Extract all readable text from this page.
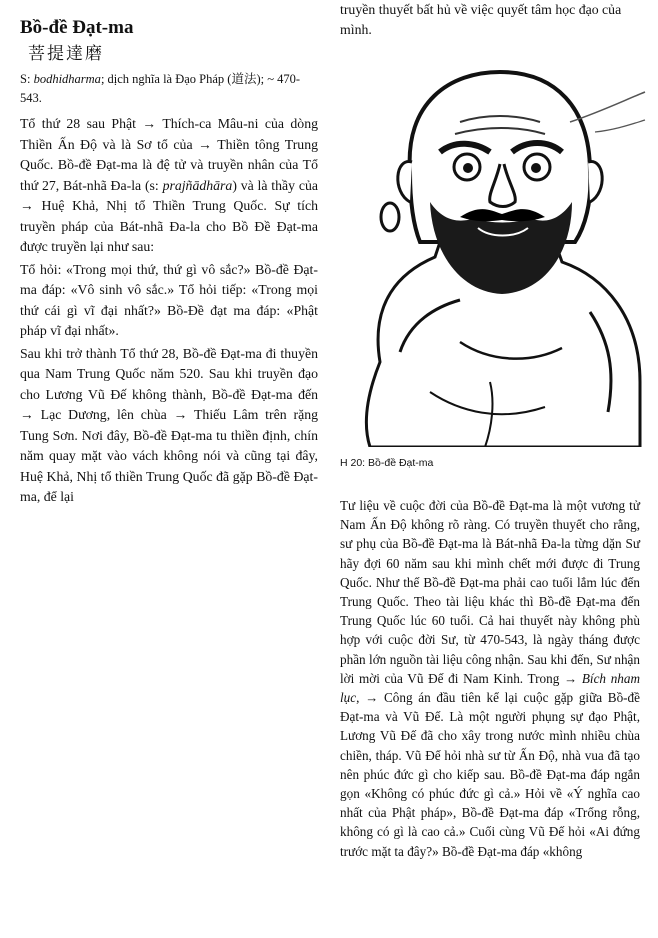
Bồ-đề Đạt-ma
菩提達磨
S: bodhidharma; dịch nghĩa là Đạo Pháp (道法); ~ 470-543.

Tổ thứ 28 sau Phật → Thích-ca Mâu-ni của dòng Thiền Ấn Độ và là Sơ tổ của → Thiền tông Trung Quốc. Bồ-đề Đạt-ma là đệ tử và truyền nhân của Tổ thứ 27, Bát-nhã Đa-la (s: prajñādhāra) và là thầy của → Huệ Khả, Nhị tổ Thiền Trung Quốc. Sự tích truyền pháp của Bát-nhã Đa-la cho Bồ Đề Đạt-ma được truyền lại như sau:

Tổ hỏi: «Trong mọi thứ, thứ gì vô sắc?» Bồ-đề Đạt-ma đáp: «Vô sinh vô sắc.» Tổ hỏi tiếp: «Trong mọi thứ cái gì vĩ đại nhất?» Bồ-Đề đạt ma đáp: «Phật pháp vĩ đại nhất».

Sau khi trở thành Tổ thứ 28, Bồ-đề Đạt-ma đi thuyền qua Nam Trung Quốc năm 520. Sau khi truyền đạo cho Lương Vũ Đế không thành, Bồ-đề Đạt-ma đến → Lạc Dương, lên chùa → Thiếu Lâm trên rặng Tung Sơn. Nơi đây, Bồ-đề Đạt-ma tu thiền định, chín năm quay mặt vào vách không nói và cũng tại đây, Huệ Khả, Nhị tổ thiền Trung Quốc đã gặp Bồ-đề Đạt-ma, để lại

truyền thuyết bất hủ về việc quyết tâm học đạo của mình.

H 20: Bồ-đề Đạt-ma

Tư liệu về cuộc đời của Bồ-đề Đạt-ma là một vương tử Nam Ấn Độ không rõ ràng. Có truyền thuyết cho rằng, sư phụ của Bồ-đề Đạt-ma là Bát-nhã Đa-la từng dặn Sư hãy đợi 60 năm sau khi mình chết mới được đi Trung Quốc. Như thế Bồ-đề Đạt-ma phải cao tuổi lắm lúc đến Trung Quốc. Theo tài liệu khác thì Bồ-đề Đạt-ma đến Trung Quốc lúc 60 tuổi. Cả hai thuyết này không phù hợp với cuộc đời Sư, từ 470-543, là ngày tháng được phần lớn nguồn tài liệu công nhận. Sau khi đến, Sư nhận lời mời của Vũ Đế đi Nam Kinh. Trong → Bích nham lục, → Công án đầu tiên kể lại cuộc gặp giữa Bồ-đề Đạt-ma và Vũ Đế. Là một người phụng sự đạo Phật, Lương Vũ Đế đã cho xây trong nước mình nhiều chùa chiền, tháp. Vũ Đế hỏi nhà sư từ Ấn Độ, nhà vua đã tạo nên phúc đức gì cho kiếp sau. Bồ-đề Đạt-ma đáp ngắn gọn «Không có phúc đức gì cả.» Hỏi về «Ý nghĩa cao nhất của Phật pháp», Bồ-đề Đạt-ma đáp «Trống rỗng, không có gì là cao cả.» Cuối cùng Vũ Đế hỏi «Ai đứng trước mặt ta đây?» Bồ-đề Đạt-ma đáp «không
